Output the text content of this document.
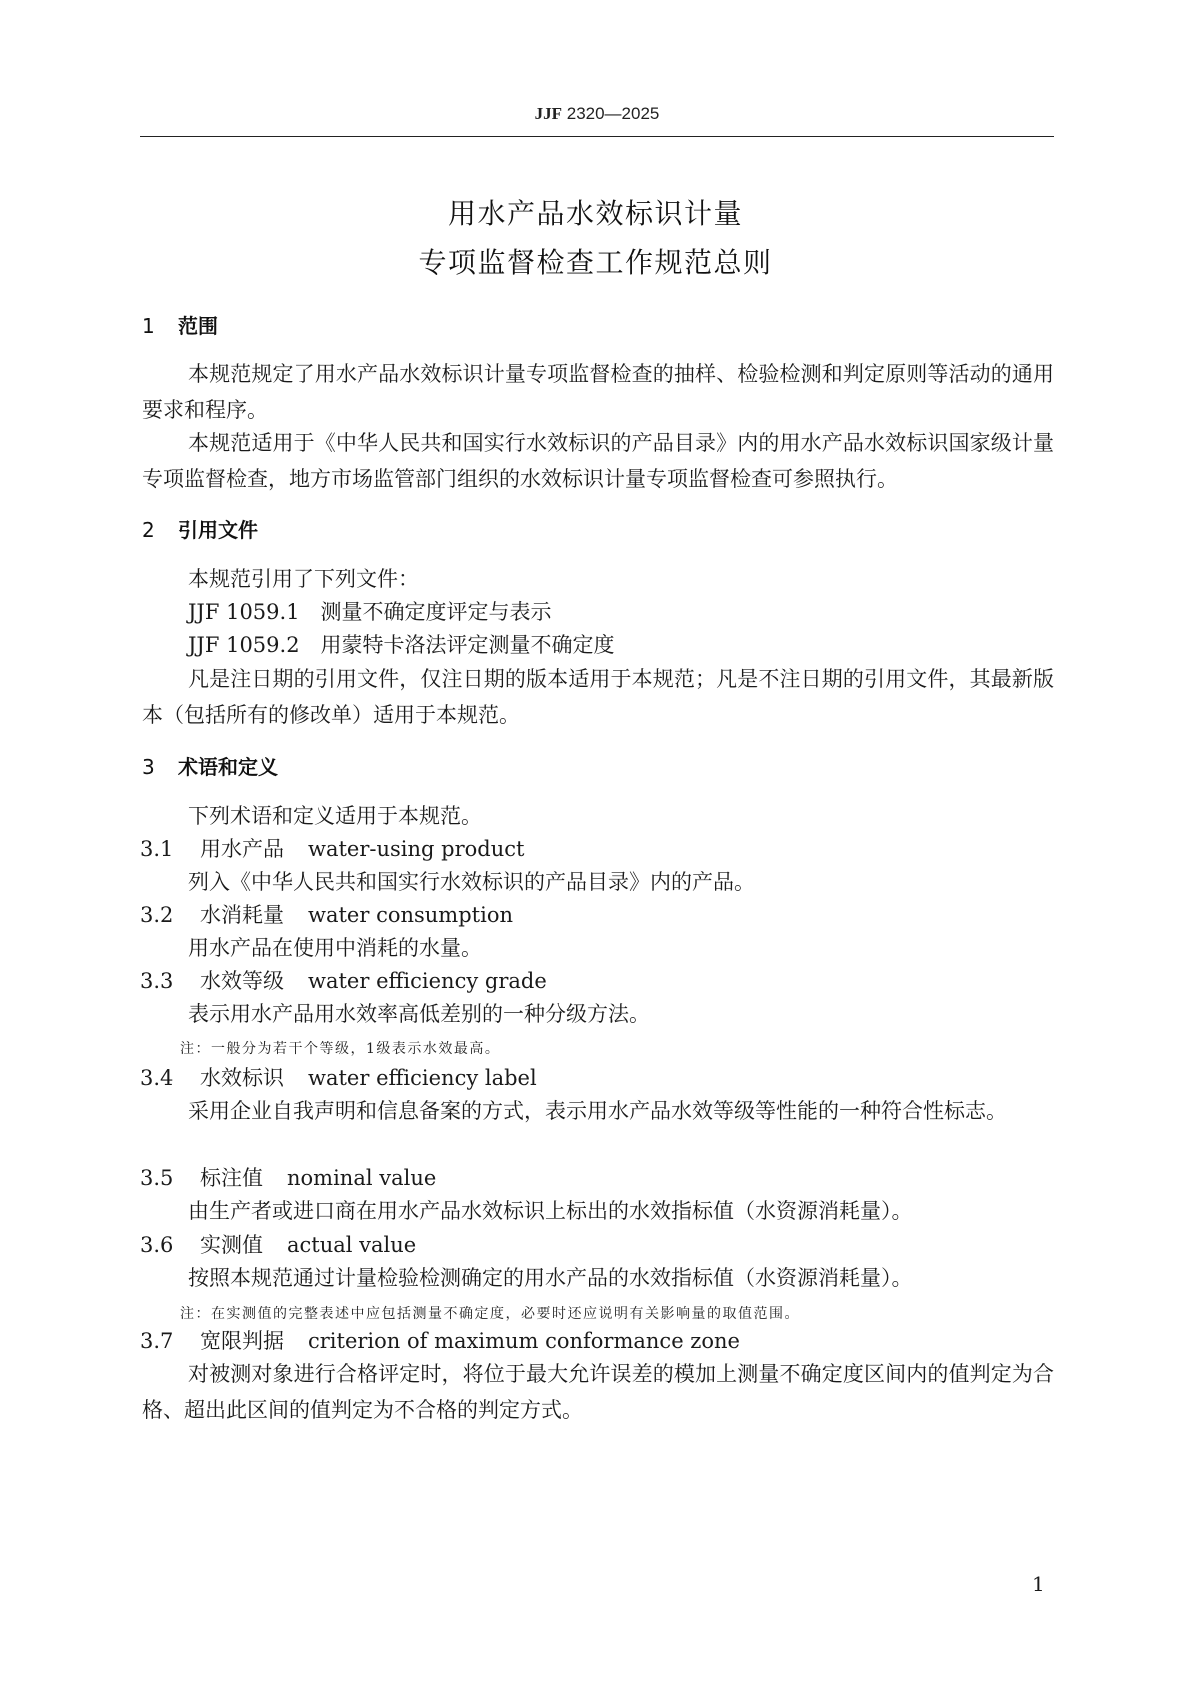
JJF 2320—2025
用水产品水效标识计量
专项监督检查工作规范总则
1 范围
本规范规定了用水产品水效标识计量专项监督检查的抽样、检验检测和判定原则等活动的通用要求和程序。
本规范适用于《中华人民共和国实行水效标识的产品目录》内的用水产品水效标识国家级计量专项监督检查，地方市场监管部门组织的水效标识计量专项监督检查可参照执行。
2 引用文件
本规范引用了下列文件：
JJF 1059.1　测量不确定度评定与表示
JJF 1059.2　用蒙特卡洛法评定测量不确定度
凡是注日期的引用文件，仅注日期的版本适用于本规范；凡是不注日期的引用文件，其最新版本（包括所有的修改单）适用于本规范。
3 术语和定义
下列术语和定义适用于本规范。
3.1 用水产品 water-using product
列入《中华人民共和国实行水效标识的产品目录》内的产品。
3.2 水消耗量 water consumption
用水产品在使用中消耗的水量。
3.3 水效等级 water efficiency grade
表示用水产品用水效率高低差别的一种分级方法。
注：一般分为若干个等级，1级表示水效最高。
3.4 水效标识 water efficiency label
采用企业自我声明和信息备案的方式，表示用水产品水效等级等性能的一种符合性标志。
3.5 标注值 nominal value
由生产者或进口商在用水产品水效标识上标出的水效指标值（水资源消耗量）。
3.6 实测值 actual value
按照本规范通过计量检验检测确定的用水产品的水效指标值（水资源消耗量）。
注：在实测值的完整表述中应包括测量不确定度，必要时还应说明有关影响量的取值范围。
3.7 宽限判据 criterion of maximum conformance zone
对被测对象进行合格评定时，将位于最大允许误差的模加上测量不确定度区间内的值判定为合格、超出此区间的值判定为不合格的判定方式。
1
